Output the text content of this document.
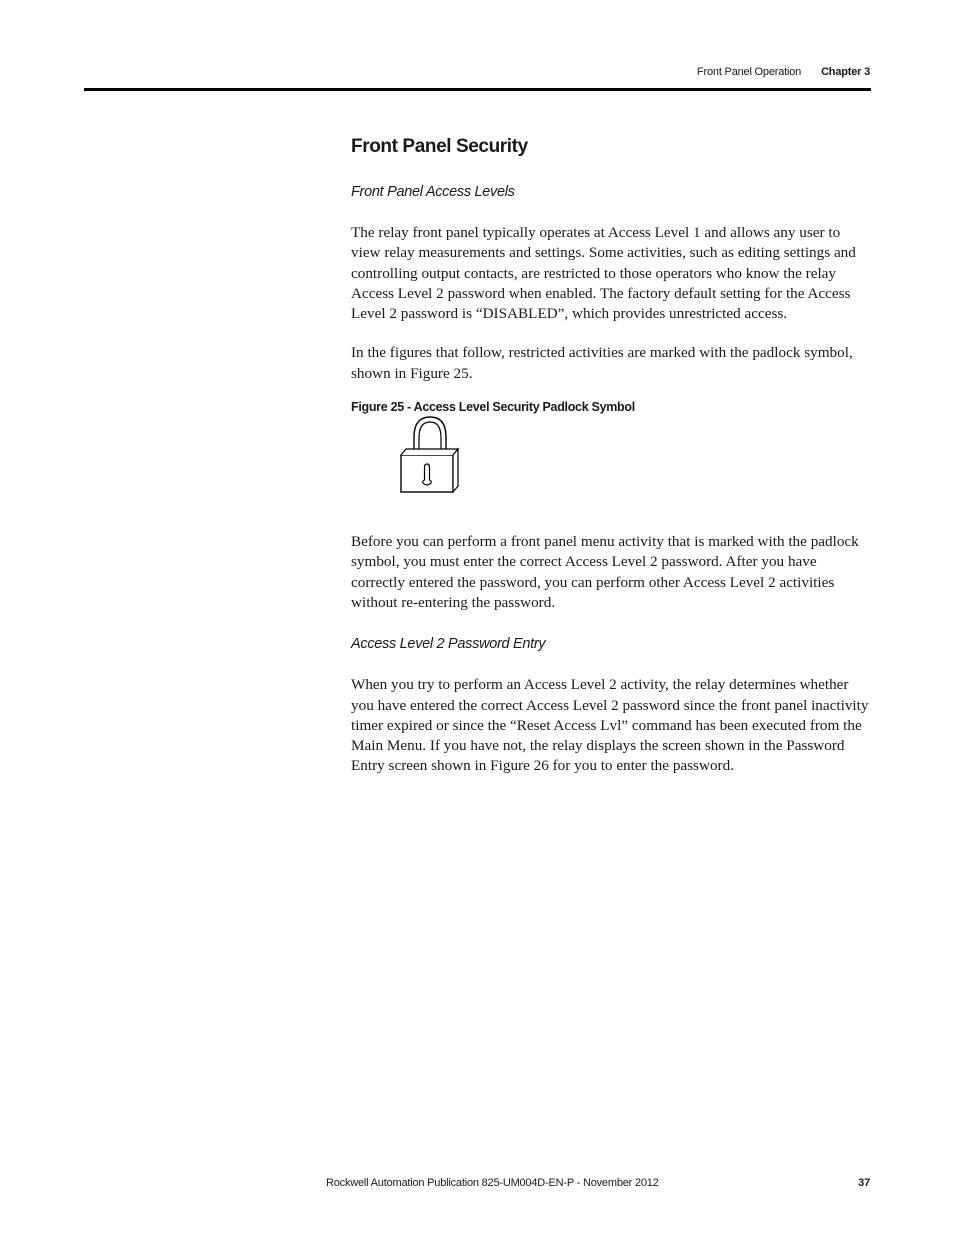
Front Panel Operation Chapter 3
Front Panel Security

Front Panel Access Levels

The relay front panel typically operates at Access Level 1 and allows any user to view relay measurements and settings. Some activities, such as editing settings and controlling output contacts, are restricted to those operators who know the relay Access Level 2 password when enabled. The factory default setting for the Access Level 2 password is “DISABLED”, which provides unrestricted access.

In the figures that follow, restricted activities are marked with the padlock symbol, shown in Figure 25.

Figure 25 - Access Level Security Padlock Symbol

Before you can perform a front panel menu activity that is marked with the padlock symbol, you must enter the correct Access Level 2 password. After you have correctly entered the password, you can perform other Access Level 2 activities without re-entering the password.

Access Level 2 Password Entry

When you try to perform an Access Level 2 activity, the relay determines whether you have entered the correct Access Level 2 password since the front panel inactivity timer expired or since the “Reset Access Lvl” command has been executed from the Main Menu. If you have not, the relay displays the screen shown in the Password Entry screen shown in Figure 26 for you to enter the password.

Rockwell Automation Publication 825-UM004D-EN-P - November 2012	37
